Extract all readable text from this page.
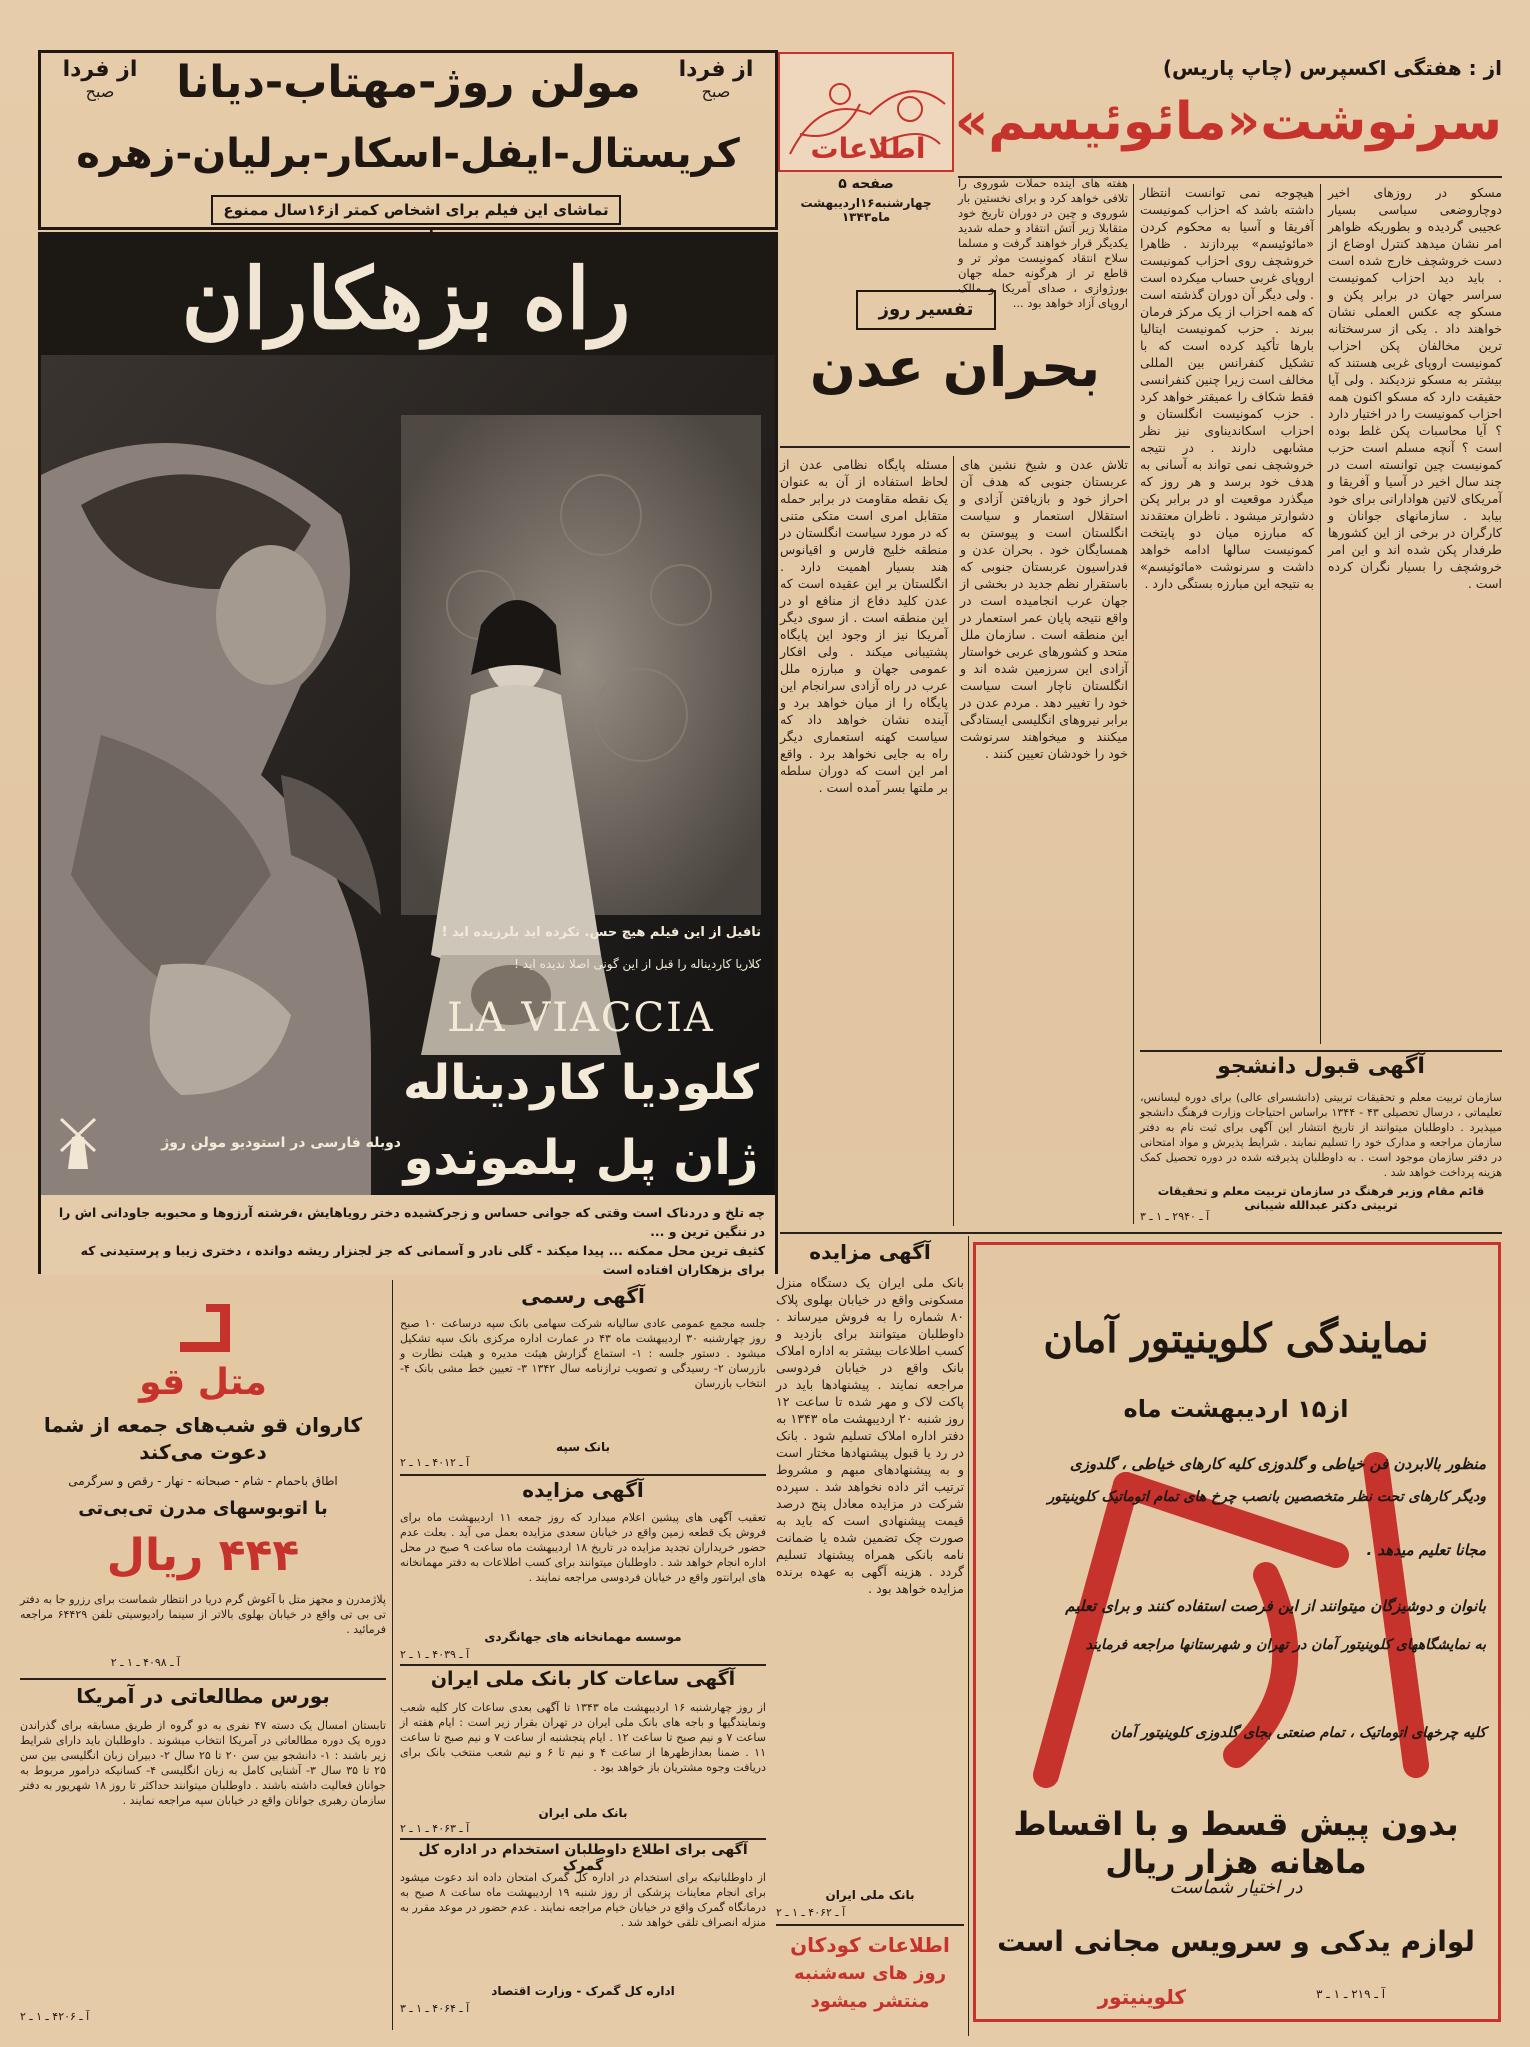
از فردا
صبح	مولن روژ-مهتاب-دیانا	از فردا
صبح
کریستال-ایفل-اسکار-برلیان-زهره
تماشای این فیلم برای اشخاص کمتر از۱۶سال ممنوع
راه بزهکاران
تافیل از این فیلم هیچ حس. تکرده اید بلرزیده اید !
کلاریا کاردیناله را قبل از این گونی اصلا ندیده اید !
LA VIACCIA
کلودیا کاردیناله
ژان پل بلموندو
دوبله فارسی در استودیو مولن روژ
چه تلخ و دردناک است وقتی که جوانی حساس و زجرکشیده دختر رویاهایش ،فرشته آرزوها و محبوبه جاودانی اش را در ننگین ترین و ...
کثیف ترین محل ممکنه ... پیدا میکند - گلی نادر و آسمانی که جز لجنزار ریشه دوانده ، دختری زیبا و پرستیدنی که برای بزهکاران افتاده است
اطلاعات
صفحه ۵
چهارشنبه۱۶اردیبهشت ماه۱۳۴۳
از : هفتگی اکسپرس (چاپ پاریس)
سرنوشت«مائوئیسم»
مسکو در روزهای اخیر دوچاروضعی سیاسی بسیار عجیبی گردیده و بطوریکه ظواهر امر نشان میدهد کنترل اوضاع از دست خروشچف خارج شده است . باید دید احزاب کمونیست سراسر جهان در برابر پکن و مسکو چه عکس العملی نشان خواهند داد . یکی از سرسختانه ترین مخالفان پکن احزاب کمونیست اروپای غربی هستند که بیشتر به مسکو نزدیکند . ولی آیا حقیقت دارد که مسکو اکنون همه احزاب کمونیست را در اختیار دارد ؟ آیا محاسبات پکن غلط بوده است ؟ آنچه مسلم است حزب کمونیست چین توانسته است در چند سال اخیر در آسیا و آفریقا و آمریکای لاتین هوادارانی برای خود بیابد . سازمانهای جوانان و کارگران در برخی از این کشورها طرفدار پکن شده اند و این امر خروشچف را بسیار نگران کرده است .
هیچوجه نمی توانست انتظار داشته باشد که احزاب کمونیست آفریقا و آسیا به محکوم کردن «مائوئیسم» بپردازند . ظاهرا خروشچف روی احزاب کمونیست اروپای غربی حساب میکرده است . ولی دیگر آن دوران گذشته است که همه احزاب از یک مرکز فرمان ببرند . حزب کمونیست ایتالیا بارها تأکید کرده است که با تشکیل کنفرانس بین المللی مخالف است زیرا چنین کنفرانسی فقط شکاف را عمیقتر خواهد کرد . حزب کمونیست انگلستان و احزاب اسکاندیناوی نیز نظر مشابهی دارند . در نتیجه خروشچف نمی تواند به آسانی به هدف خود برسد و هر روز که میگذرد موقعیت او در برابر پکن دشوارتر میشود . ناظران معتقدند که مبارزه میان دو پایتخت کمونیست سالها ادامه خواهد داشت و سرنوشت «مائوئیسم» به نتیجه این مبارزه بستگی دارد .
هفته های آینده حملات شوروی را تلافی خواهد کرد و برای نخستین بار شوروی و چین در دوران تاریخ خود متقابلا زیر آتش انتقاد و حمله شدید یکدیگر قرار خواهند گرفت و مسلما سلاح انتقاد کمونیست موثر تر و قاطع تر از هرگونه حمله جهان بورژوازی ، صدای آمریکا و مالک اروپای آزاد خواهد بود ...
تفسیر روز
بحران عدن
تلاش عدن و شیخ نشین های عربستان جنوبی که هدف آن احراز خود و بازیافتن آزادی و استقلال استعمار و سیاست انگلستان است و پیوستن به همسایگان خود . بحران عدن و فدراسیون عربستان جنوبی که باستقرار نظم جدید در بخشی از جهان عرب انجامیده است در واقع نتیجه پایان عمر استعمار در این منطقه است . سازمان ملل متحد و کشورهای عربی خواستار آزادی این سرزمین شده اند و انگلستان ناچار است سیاست خود را تغییر دهد . مردم عدن در برابر نیروهای انگلیسی ایستادگی میکنند و میخواهند سرنوشت خود را خودشان تعیین کنند .
مسئله پایگاه نظامی عدن از لحاظ استفاده از آن به عنوان یک نقطه مقاومت در برابر حمله متقابل امری است متکی متنی که در مورد سیاست انگلستان در منطقه خلیج فارس و اقیانوس هند بسیار اهمیت دارد . انگلستان بر این عقیده است که عدن کلید دفاع از منافع او در این منطقه است . از سوی دیگر آمریکا نیز از وجود این پایگاه پشتیبانی میکند . ولی افکار عمومی جهان و مبارزه ملل عرب در راه آزادی سرانجام این پایگاه را از میان خواهد برد و آینده نشان خواهد داد که سیاست کهنه استعماری دیگر راه به جایی نخواهد برد . واقع امر این است که دوران سلطه بر ملتها بسر آمده است .
آگهی قبول دانشجو
سازمان تربیت معلم و تحقیقات تربیتی (دانشسرای عالی) برای دوره لیسانس، تعلیماتی ، درسال تحصیلی ۴۳ - ۱۳۴۴ براساس احتیاجات وزارت فرهنگ دانشجو میپذیرد . داوطلبان میتوانند از تاریخ انتشار این آگهی برای ثبت نام به دفتر سازمان مراجعه و مدارک خود را تسلیم نمایند . شرایط پذیرش و مواد امتحانی در دفتر سازمان موجود است . به داوطلبان پذیرفته شده در دوره تحصیل کمک هزینه پرداخت خواهد شد .
قائم مقام وزیر فرهنگ در سازمان تربیت معلم و تحقیقات تربیتی دکتر عبدالله شیبانی
آ ـ ۲۹۴۰ ـ ۱ ـ ۳
آگهی مزایده
بانک ملی ایران یک دستگاه منزل مسکونی واقع در خیابان بهلوی پلاک ۸۰ شماره را به فروش میرساند . داوطلبان میتوانند برای بازدید و کسب اطلاعات بیشتر به اداره املاک بانک واقع در خیابان فردوسی مراجعه نمایند . پیشنهادها باید در پاکت لاک و مهر شده تا ساعت ۱۲ روز شنبه ۲۰ اردیبهشت ماه ۱۳۴۳ به دفتر اداره املاک تسلیم شود . بانک در رد یا قبول پیشنهادها مختار است و به پیشنهادهای مبهم و مشروط ترتیب اثر داده نخواهد شد . سپرده شرکت در مزایده معادل پنج درصد قیمت پیشنهادی است که باید به صورت چک تضمین شده یا ضمانت نامه بانکی همراه پیشنهاد تسلیم گردد . هزینه آگهی به عهده برنده مزایده خواهد بود .
بانک ملی ایران
آ ـ ۴۰۶۲ ـ ۱ ـ ۲
اطلاعات کودکان
روز های سه‌شنبه
منتشر میشود
نمایندگی کلوینیتور آمان
از۱۵ اردیبهشت ماه
منظور بالابردن فن خیاطی و گلدوزی کلیه کارهای خیاطی ، گلدوزی
ودیگر کارهای تحت نظر متخصصین بانصب چرخ های تمام اتوماتیک کلوینیتور
مجانا تعلیم میدهد .
بانوان و دوشیزگان میتوانند از این فرصت استفاده کنند و برای تعلیم
به نمایشگاههای کلوینیتور آمان در تهران و شهرستانها مراجعه فرمایند
کلیه چرخهای اتوماتیک ، تمام صنعتی بجای گلدوزی کلوینیتور آمان
بدون پیش قسط و با اقساط ماهانه هزار ریال
در اختیار شماست
لوازم یدکی و سرویس مجانی است
کلوینیتور	آ ـ ۲۱۹ ـ ۱ ـ ۳
آگهی رسمی
جلسه مجمع عمومی عادی سالیانه شرکت سهامی بانک سپه درساعت ۱۰ صبح روز چهارشنبه ۳۰ اردیبهشت ماه ۴۳ در عمارت اداره مرکزی بانک سپه تشکیل میشود . دستور جلسه : ۱- استماع گزارش هیئت مدیره و هیئت نظارت و بازرسان ۲- رسیدگی و تصویب ترازنامه سال ۱۳۴۲ ۳- تعیین خط مشی بانک ۴- انتخاب بازرسان
بانک سپه
آ ـ ۴۰۱۲ ـ ۱ ـ ۲
آگهی مزایده
تعقیب آگهی های پیشین اعلام میدارد که روز جمعه ۱۱ اردیبهشت ماه برای فروش یک قطعه زمین واقع در خیابان سعدی مزایده بعمل می آید . بعلت عدم حضور خریداران تجدید مزایده در تاریخ ۱۸ اردیبهشت ماه ساعت ۹ صبح در محل اداره انجام خواهد شد . داوطلبان میتوانند برای کسب اطلاعات به دفتر مهمانخانه های ایرانتور واقع در خیابان فردوسی مراجعه نمایند .
موسسه مهمانخانه های جهانگردی
آ ـ ۴۰۳۹ ـ ۱ ـ ۲
آگهی ساعات کار بانک ملی ایران
از روز چهارشنبه ۱۶ اردیبهشت ماه ۱۳۴۳ تا آگهی بعدی ساعات کار کلیه شعب ونمایندگیها و باجه های بانک ملی ایران در تهران بقرار زیر است : ایام هفته از ساعت ۷ و نیم صبح تا ساعت ۱۲ . ایام پنجشنبه از ساعت ۷ و نیم صبح تا ساعت ۱۱ . ضمنا بعدازظهرها از ساعت ۴ و نیم تا ۶ و نیم شعب منتخب بانک برای دریافت وجوه مشتریان باز خواهد بود .
بانک ملی ایران
آ ـ ۴۰۶۳ ـ ۱ ـ ۲
آگهی برای اطلاع داوطلبان استخدام در اداره کل گمرک
از داوطلبانیکه برای استخدام در اداره کل گمرک امتحان داده اند دعوت میشود برای انجام معاینات پزشکی از روز شنبه ۱۹ اردیبهشت ماه ساعت ۸ صبح به درمانگاه گمرک واقع در خیابان خیام مراجعه نمایند . عدم حضور در موعد مقرر به منزله انصراف تلقی خواهد شد .
اداره کل گمرک - وزارت اقتصاد
آ ـ ۴۰۶۴ ـ ۱ ـ ۳
متل قو
کاروان قو شب‌های جمعه از شما دعوت می‌کند
اطاق باحمام - شام - صبحانه - نهار - رقص و سرگرمی
با اتوبوسهای مدرن تی‌بی‌تی
۴۴۴ ریال
پلاژمدرن و مجهز متل با آغوش گرم دریا در انتظار شماست برای رزرو جا به دفتر تی بی تی واقع در خیابان بهلوی بالاتر از سینما رادیوسیتی تلفن ۶۴۴۲۹ مراجعه فرمائید .
آ ـ ۴۰۹۸ ـ ۱ ـ ۲
بورس مطالعاتی در آمریکا
تابستان امسال یک دسته ۴۷ نفری به دو گروه از طریق مسابقه برای گذراندن دوره یک دوره مطالعاتی در آمریکا انتخاب میشوند . داوطلبان باید دارای شرایط زیر باشند : ۱- دانشجو بین سن ۲۰ تا ۲۵ سال ۲- دبیران زبان انگلیسی بین سن ۲۵ تا ۳۵ سال ۳- آشنایی کامل به زبان انگلیسی ۴- کسانیکه درامور مربوط به جوانان فعالیت داشته باشند . داوطلبان میتوانند حداکثر تا روز ۱۸ شهریور به دفتر سازمان رهبری جوانان واقع در خیابان سپه مراجعه نمایند .
آ ـ ۴۲۰۶ ـ ۱ ـ ۲
